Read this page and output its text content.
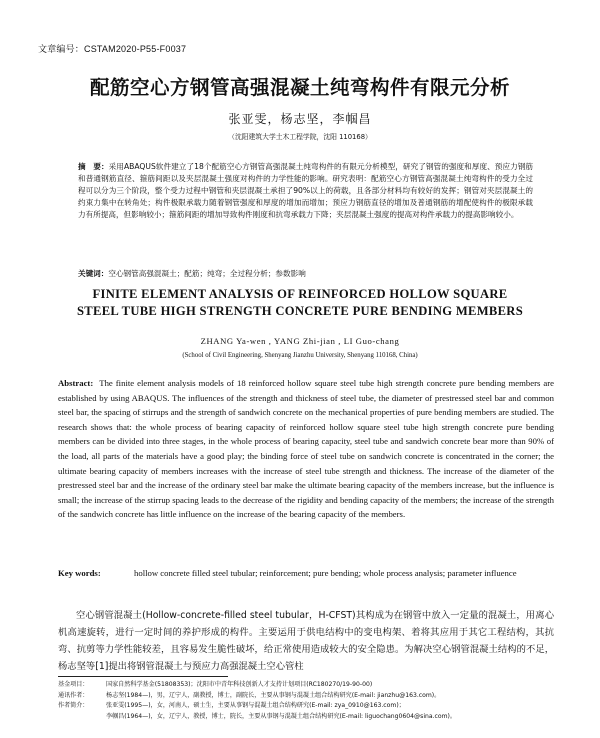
文章编号：CSTAM2020-P55-F0037
配筋空心方钢管高强混凝土纯弯构件有限元分析
张亚雯，杨志坚，李帼昌
（沈阳建筑大学土木工程学院，沈阳 110168）
摘　要：采用ABAQUS软件建立了18个配筋空心方钢管高强混凝土纯弯构件的有限元分析模型，研究了钢管的强度和厚度、预应力钢筋和普通钢筋直径、箍筋间距以及夹层混凝土强度对构件的力学性能的影响。研究表明：配筋空心方钢管高强混凝土纯弯构件的受力全过程可以分为三个阶段，整个受力过程中钢管和夹层混凝土承担了90%以上的荷载，且各部分材料均有较好的发挥；钢管对夹层混凝土的约束力集中在转角处；构件极限承载力随着钢管强度和厚度的增加而增加；预应力钢筋直径的增加及普通钢筋的增配使构件的极限承载力有所提高，但影响较小；箍筋间距的增加导致构件刚度和抗弯承载力下降；夹层混凝土强度的提高对构件承载力的提高影响较小。
关键词：空心钢管高强混凝土；配筋；纯弯；全过程分析；参数影响
FINITE ELEMENT ANALYSIS OF REINFORCED HOLLOW SQUARE
STEEL TUBE HIGH STRENGTH CONCRETE PURE BENDING MEMBERS
ZHANG Ya-wen , YANG Zhi-jian , LI Guo-chang
(School of Civil Engineering, Shenyang Jianzhu University, Shenyang 110168, China)
Abstract: The finite element analysis models of 18 reinforced hollow square steel tube high strength concrete pure bending members are established by using ABAQUS. The influences of the strength and thickness of steel tube, the diameter of prestressed steel bar and common steel bar, the spacing of stirrups and the strength of sandwich concrete on the mechanical properties of pure bending members are studied. The research shows that: the whole process of bearing capacity of reinforced hollow square steel tube high strength concrete pure bending members can be divided into three stages, in the whole process of bearing capacity, steel tube and sandwich concrete bear more than 90% of the load, all parts of the materials have a good play; the binding force of steel tube on sandwich concrete is concentrated in the corner; the ultimate bearing capacity of members increases with the increase of steel tube strength and thickness. The increase of the diameter of the prestressed steel bar and the increase of the ordinary steel bar make the ultimate bearing capacity of the members increase, but the influence is small; the increase of the stirrup spacing leads to the decrease of the rigidity and bending capacity of the members; the increase of the strength of the sandwich concrete has little influence on the increase of the bearing capacity of the members.
Key words:	hollow concrete filled steel tubular; reinforcement; pure bending; whole process analysis; parameter influence
空心钢管混凝土(Hollow-concrete-filled steel tubular，H-CFST)其构成为在钢管中放入一定量的混凝土，用离心机高速旋转，进行一定时间的养护形成的构件。主要运用于供电结构中的变电构架、着将其应用于其它工程结构，其抗弯、抗剪等力学性能较差，且容易发生脆性破坏，给正常使用造成较大的安全隐患。为解决空心钢管混凝土结构的不足，杨志坚等[1]提出将钢管混凝土与预应力高强混凝土空心管柱
基金项目：	国家自然科学基金(51808353)；沈阳市中青年科技创新人才支持计划项目(RC180270/19-90-00)
通讯作者：	杨志坚(1984—)，男，辽宁人，副教授，博士，副院长，主要从事钢与混凝土组合结构研究(E-mail: jianzhu@163.com)。
作者简介：	张亚雯(1995—)，女，河南人，硕士生，主要从事钢与混凝土组合结构研究(E-mail: zya_0910@163.com)；
李帼昌(1964—)，女，辽宁人，教授，博士，院长，主要从事钢与混凝土组合结构研究(E-mail: liguochang0604@sina.com)。
